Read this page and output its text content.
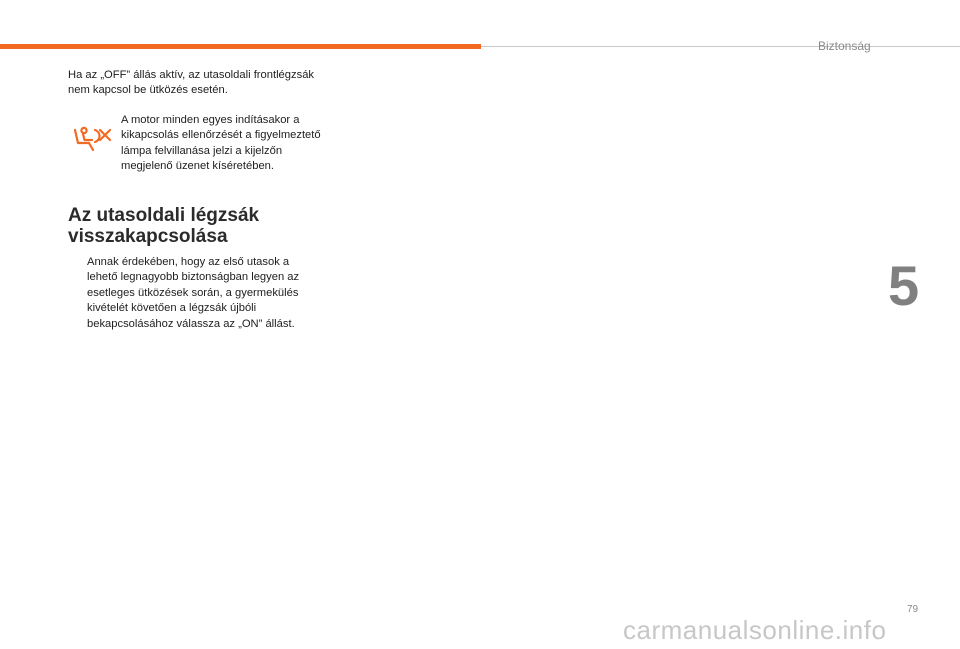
Biztonság
5
Ha az „OFF” állás aktív, az utasoldali frontlégzsák nem kapcsol be ütközés esetén.
A motor minden egyes indításakor a kikapcsolás ellenőrzését a figyelmeztető lámpa felvillanása jelzi a kijelzőn megjelenő üzenet kíséretében.
Az utasoldali légzsák visszakapcsolása
Annak érdekében, hogy az első utasok a lehető legnagyobb biztonságban legyen az esetleges ütközések során, a gyermekülés kivételét követően a légzsák újbóli bekapcsolásához válassza az „ON” állást.
79
carmanualsonline.info
